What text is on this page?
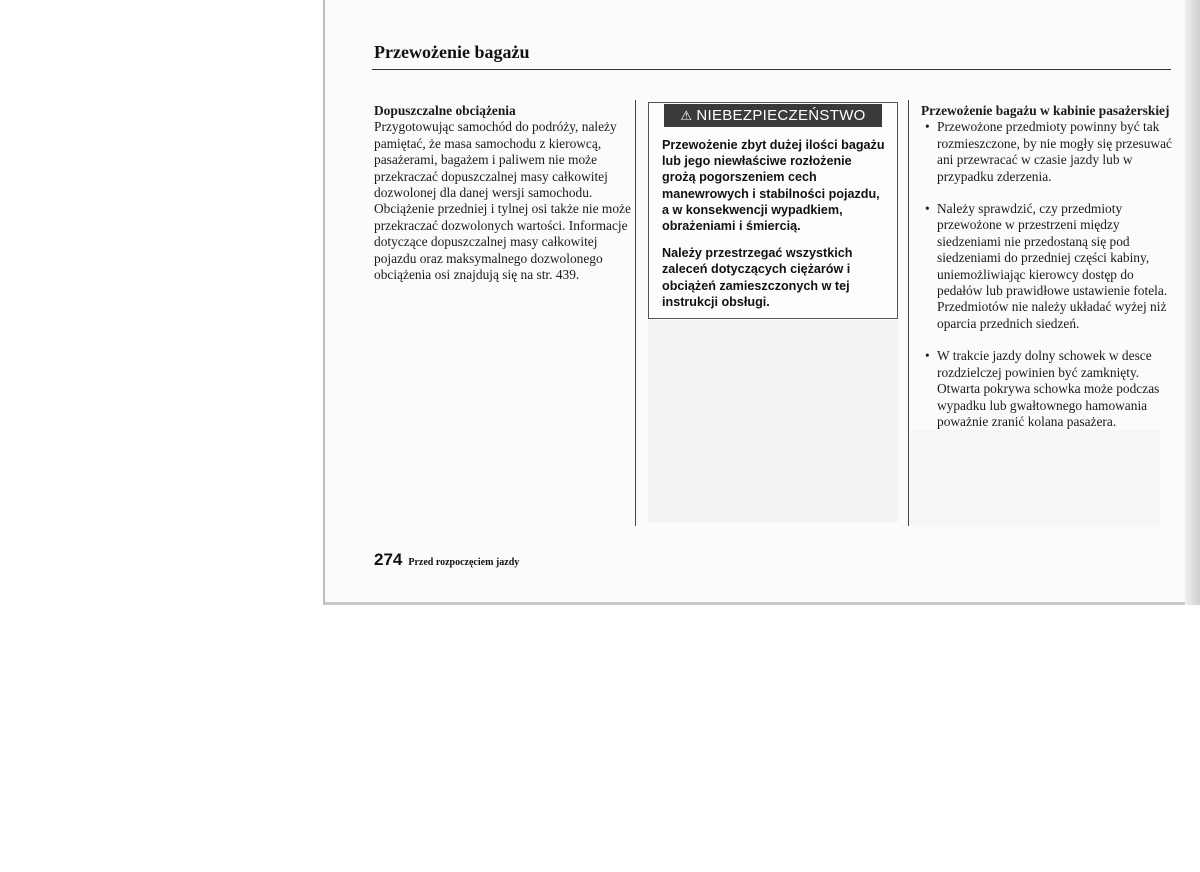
Przewożenie bagażu
Dopuszczalne obciążenia

Przygotowując samochód do podróży, należy pamiętać, że masa samochodu z kierowcą, pasażerami, bagażem i paliwem nie może przekraczać dopuszczalnej masy całkowitej dozwolonej dla danej wersji samochodu.

Obciążenie przedniej i tylnej osi także nie może przekraczać dozwolonych wartości. Informacje dotyczące dopuszczalnej masy całkowitej pojazdu oraz maksymalnego dozwolonego obciążenia osi znajdują się na str. 439.

⚠ NIEBEZPIECZEŃSTWO

Przewożenie zbyt dużej ilości bagażu lub jego niewłaściwe rozłożenie grożą pogorszeniem cech manewrowych i stabilności pojazdu, a w konsekwencji wypadkiem, obrażeniami i śmiercią.

Należy przestrzegać wszystkich zaleceń dotyczących ciężarów i obciążeń zamieszczonych w tej instrukcji obsługi.

Przewożenie bagażu w kabinie pasażerskiej
• Przewożone przedmioty powinny być tak rozmieszczone, by nie mogły się przesuwać ani przewracać w czasie jazdy lub w przypadku zderzenia.
• Należy sprawdzić, czy przedmioty przewożone w przestrzeni między siedzeniami nie przedostaną się pod siedzeniami do przedniej części kabiny, uniemożliwiając kierowcy dostęp do pedałów lub prawidłowe ustawienie fotela. Przedmiotów nie należy układać wyżej niż oparcia przednich siedzeń.
• W trakcie jazdy dolny schowek w desce rozdzielczej powinien być zamknięty. Otwarta pokrywa schowka może podczas wypadku lub gwałtownego hamowania poważnie zranić kolana pasażera.
274 Przed rozpoczęciem jazdy
